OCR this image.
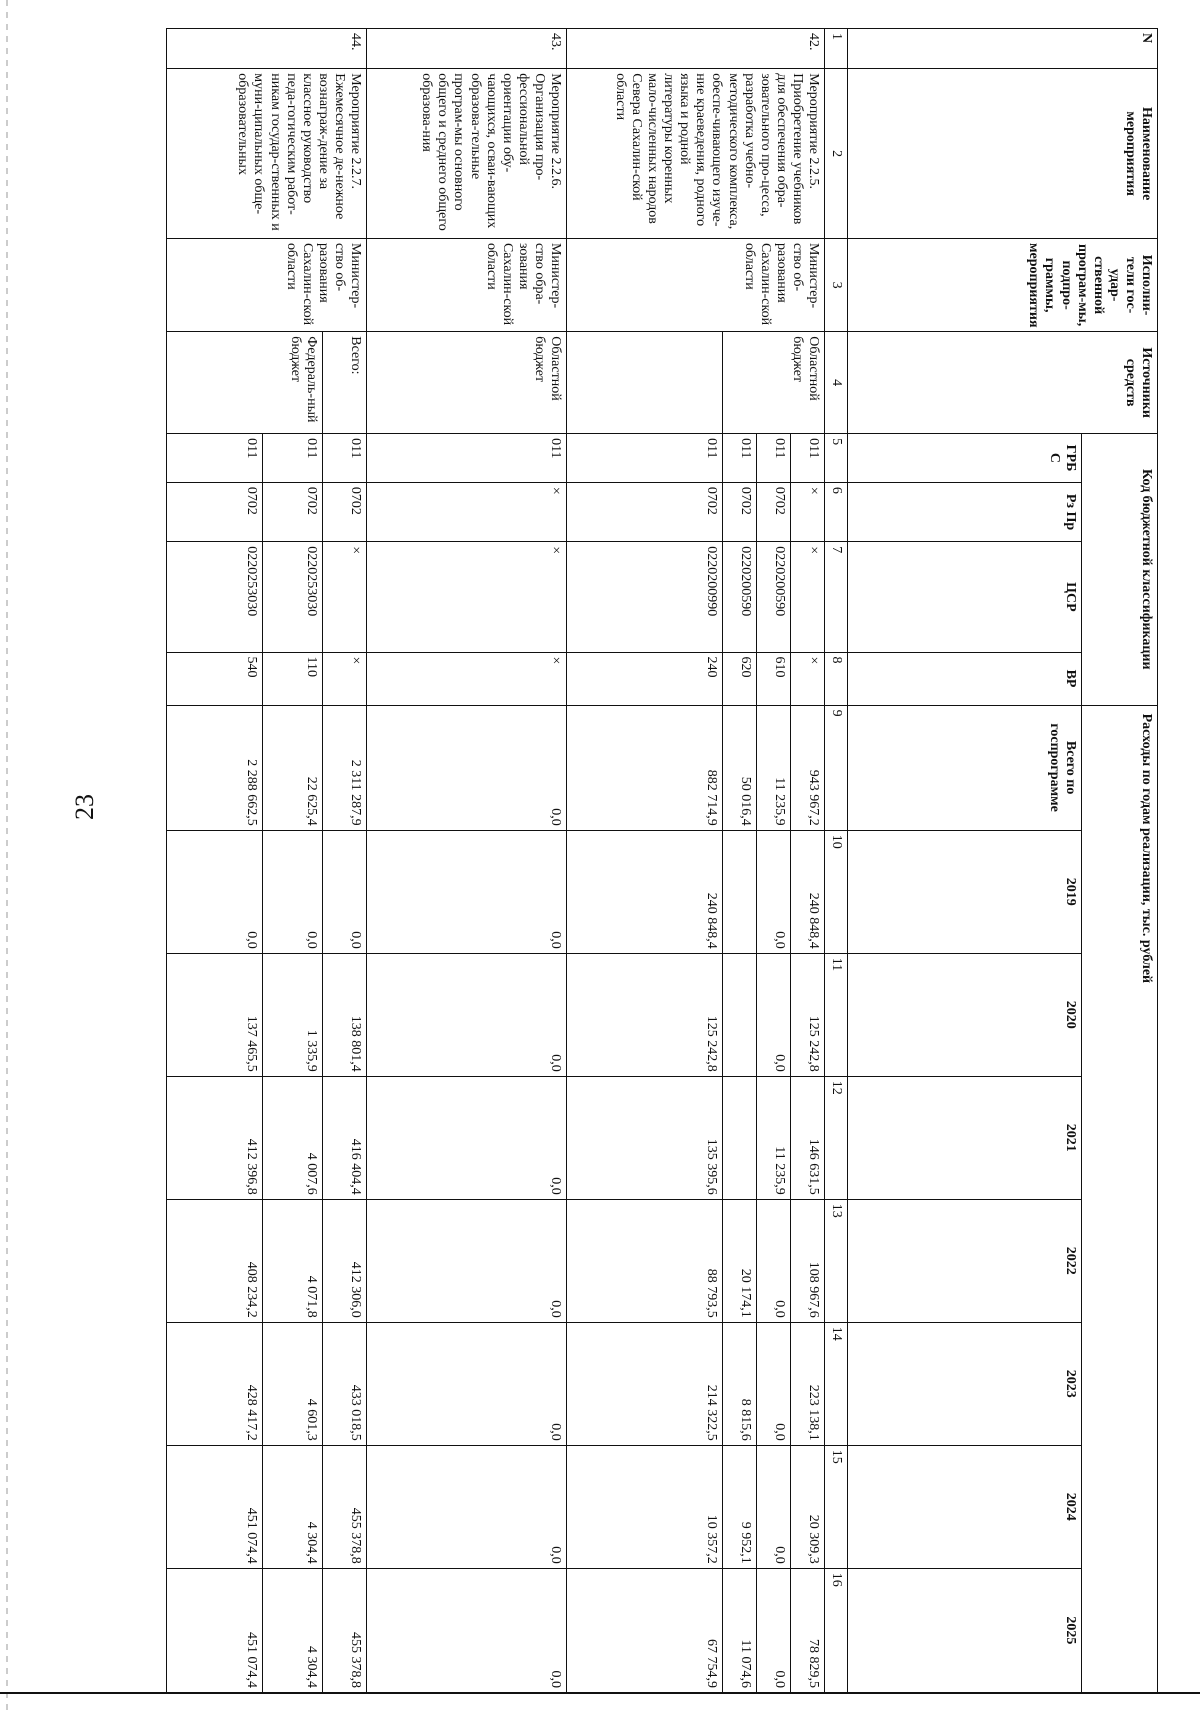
23
N	Наименование мероприятия	Исполни-тели гос-удар-ственной програм-мы, подпро-граммы, мероприятия	Источники средств	Код бюджетной классификации				Расходы по годам реализации, тыс. рублей							
				ГРБ С	Рз Пр	ЦСР	ВР	Всего по госпрограмме	2019	2020	2021	2022	2023	2024	2025

1	2	3	4	5	6	7	8	9	10	11	12	13	14	15	16
42.	Мероприятие 2.2.5. Приобретение учебников для обеспечения обра-зовательного про-цесса, разработка учебно-методического комплекса, обеспе-чивающего изуче-ние краеведения, родного языка и родной литературы коренных мало-численных народов Севера Сахалин-ской области	Министер-ство об-разования Сахалин-ской области	Областной бюджет	011	×	×	×	943 967,2	240 848,4	125 242,8	146 631,5	108 967,6	223 138,1	20 309,3	78 829,5
				011	0702	0220200590	610	11 235,9	0,0	0,0	11 235,9	0,0	0,0	0,0	0,0
				011	0702	0220200590	620	50 016,4				20 174,1	8 815,6	9 952,1	11 074,6
				011	0702	0220200990	240	882 714,9	240 848,4	125 242,8	135 395,6	88 793,5	214 322,5	10 357,2	67 754,9
43.	Мероприятие 2.2.6. Организация про-фессиональной ориентации обу-чающихся, осваи-вающих образова-тельные програм-мы основного общего и среднего общего образова-ния	Министер-ство обра-зования Сахалин-ской области	Областной бюджет	011	×	×	×	0,0	0,0	0,0	0,0	0,0	0,0	0,0	0,0
44.	Мероприятие 2.2.7. Ежемесячное де-нежное вознаграж-дение за классное руководство педа-гогическим работ-никам государ-ственных и муни-ципальных обще-образовательных	Министер-ство об-разования Сахалин-ской области	Всего:	011	0702	×	×	2 311 287,9	0,0	138 801,4	416 404,4	412 306,0	433 018,5	455 378,8	455 378,8
			Федераль-ный бюджет	011	0702	0220253030	110	22 625,4	0,0	1 335,9	4 007,6	4 071,8	4 601,3	4 304,4	4 304,4
				011	0702	0220253030	540	2 288 662,5	0,0	137 465,5	412 396,8	408 234,2	428 417,2	451 074,4	451 074,4
